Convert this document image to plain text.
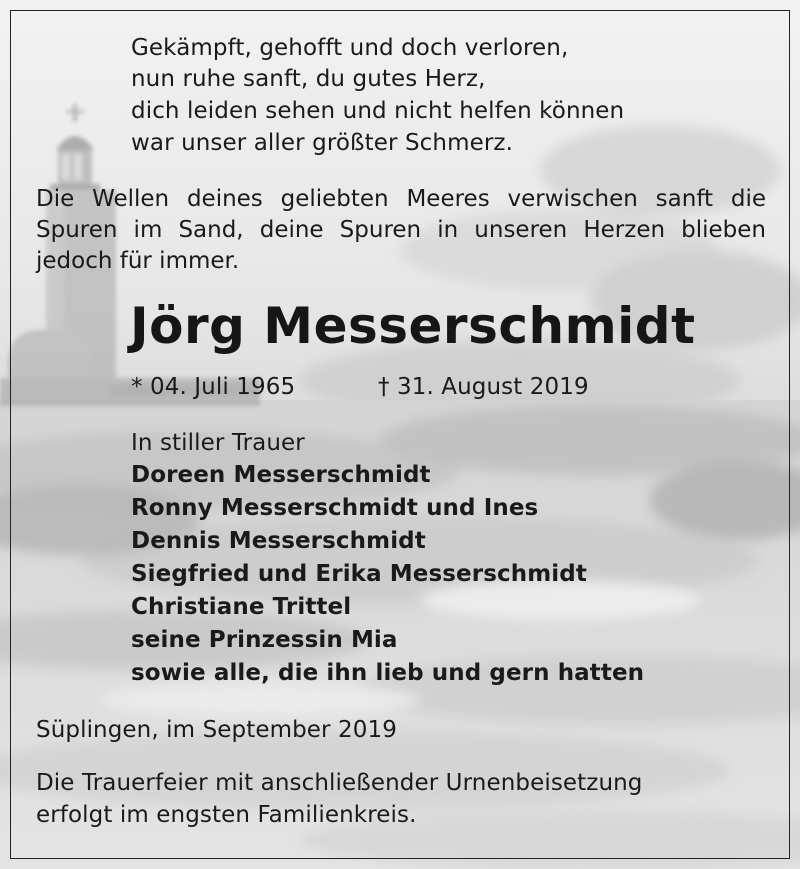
Gekämpft, gehofft und doch verloren,
nun ruhe sanft, du gutes Herz,
dich leiden sehen und nicht helfen können
war unser aller größter Schmerz.
Die Wellen deines geliebten Meeres verwischen sanft die
Spuren im Sand, deine Spuren in unseren Herzen blieben
jedoch für immer.
Jörg Messerschmidt
* 04. Juli 1965	† 31. August 2019
In stiller Trauer
Doreen Messerschmidt
Ronny Messerschmidt und Ines
Dennis Messerschmidt
Siegfried und Erika Messerschmidt
Christiane Trittel
seine Prinzessin Mia
sowie alle, die ihn lieb und gern hatten
Süplingen, im September 2019
Die Trauerfeier mit anschließender Urnenbeisetzung
erfolgt im engsten Familienkreis.
